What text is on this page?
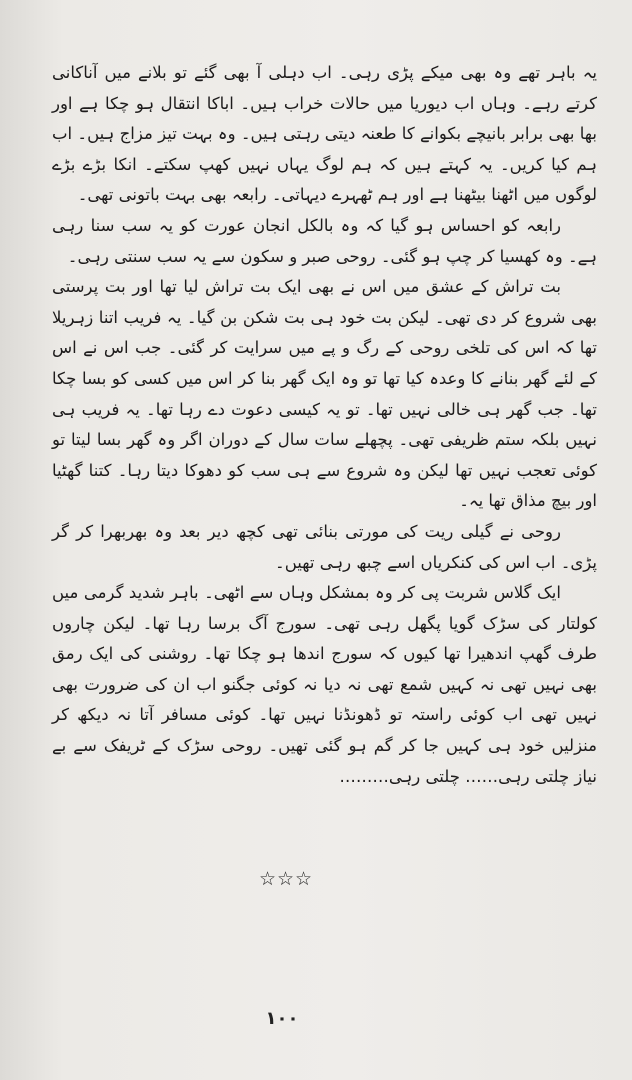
یہ باہر تھے وہ بھی میکے پڑی رہی۔ اب دہلی آ بھی گئے تو بلانے میں آناکانی کرتے رہے۔ وہاں اب دیوریا میں حالات خراب ہیں۔ اباکا انتقال ہو چکا ہے اور بھا بھی برابر بانیچے بکوانے کا طعنہ دیتی رہتی ہیں۔ وہ بہت تیز مزاج ہیں۔ اب ہم کیا کریں۔ یہ کہتے ہیں کہ ہم لوگ یہاں نہیں کھپ سکتے۔ انکا بڑے بڑے لوگوں میں اٹھنا بیٹھنا ہے اور ہم ٹھہرے دیہاتی۔ رابعہ بھی بہت باتونی تھی۔

رابعہ کو احساس ہو گیا کہ وہ بالکل انجان عورت کو یہ سب سنا رہی ہے۔ وہ کھسیا کر چپ ہو گئی۔ روحی صبر و سکون سے یہ سب سنتی رہی۔

بت تراش کے عشق میں اس نے بھی ایک بت تراش لیا تھا اور بت پرستی بھی شروع کر دی تھی۔ لیکن بت خود ہی بت شکن بن گیا۔ یہ فریب اتنا زہریلا تھا کہ اس کی تلخی روحی کے رگ و پے میں سرایت کر گئی۔ جب اس نے اس کے لئے گھر بنانے کا وعدہ کیا تھا تو وہ ایک گھر بنا کر اس میں کسی کو بسا چکا تھا۔ جب گھر ہی خالی نہیں تھا۔ تو یہ کیسی دعوت دے رہا تھا۔ یہ فریب ہی نہیں بلکہ ستم ظریفی تھی۔ پچھلے سات سال کے دوران اگر وہ گھر بسا لیتا تو کوئی تعجب نہیں تھا لیکن وہ شروع سے ہی سب کو دھوکا دیتا رہا۔ کتنا گھٹیا اور بیچ مذاق تھا یہ۔

روحی نے گیلی ریت کی مورتی بنائی تھی کچھ دیر بعد وہ بھربھرا کر گر پڑی۔ اب اس کی کنکریاں اسے چبھ رہی تھیں۔

ایک گلاس شربت پی کر وہ بمشکل وہاں سے اٹھی۔ باہر شدید گرمی میں کولتار کی سڑک گویا پگھل رہی تھی۔ سورج آگ برسا رہا تھا۔ لیکن چاروں طرف گھپ اندھیرا تھا کیوں کہ سورج اندھا ہو چکا تھا۔ روشنی کی ایک رمق بھی نہیں تھی نہ کہیں شمع تھی نہ دیا نہ کوئی جگنو اب ان کی ضرورت بھی نہیں تھی اب کوئی راستہ تو ڈھونڈنا نہیں تھا۔ کوئی مسافر آتا نہ دیکھ کر منزلیں خود ہی کہیں جا کر گم ہو گئی تھیں۔ روحی سڑک کے ٹریفک سے بے نیاز چلتی رہی…… چلتی رہی………

☆☆☆
۱۰۰
